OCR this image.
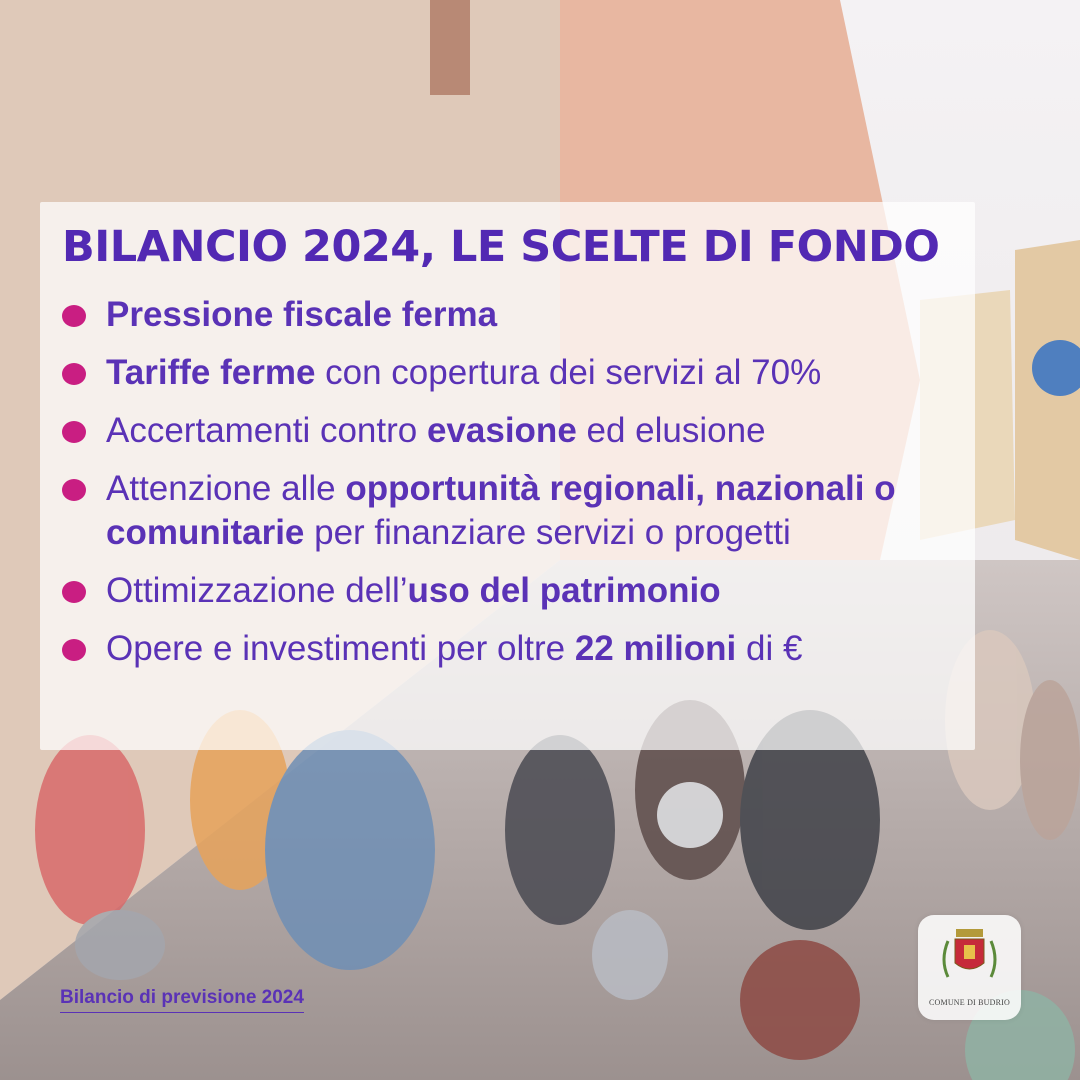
BILANCIO 2024, LE SCELTE DI FONDO
Pressione fiscale ferma
Tariffe ferme con copertura dei servizi al 70%
Accertamenti contro evasione ed elusione
Attenzione alle opportunità regionali, nazionali o comunitarie per finanziare servizi o progetti
Ottimizzazione dell’uso del patrimonio
Opere e investimenti per oltre 22 milioni di €
Bilancio di previsione 2024	COMUNE DI BUDRIO
